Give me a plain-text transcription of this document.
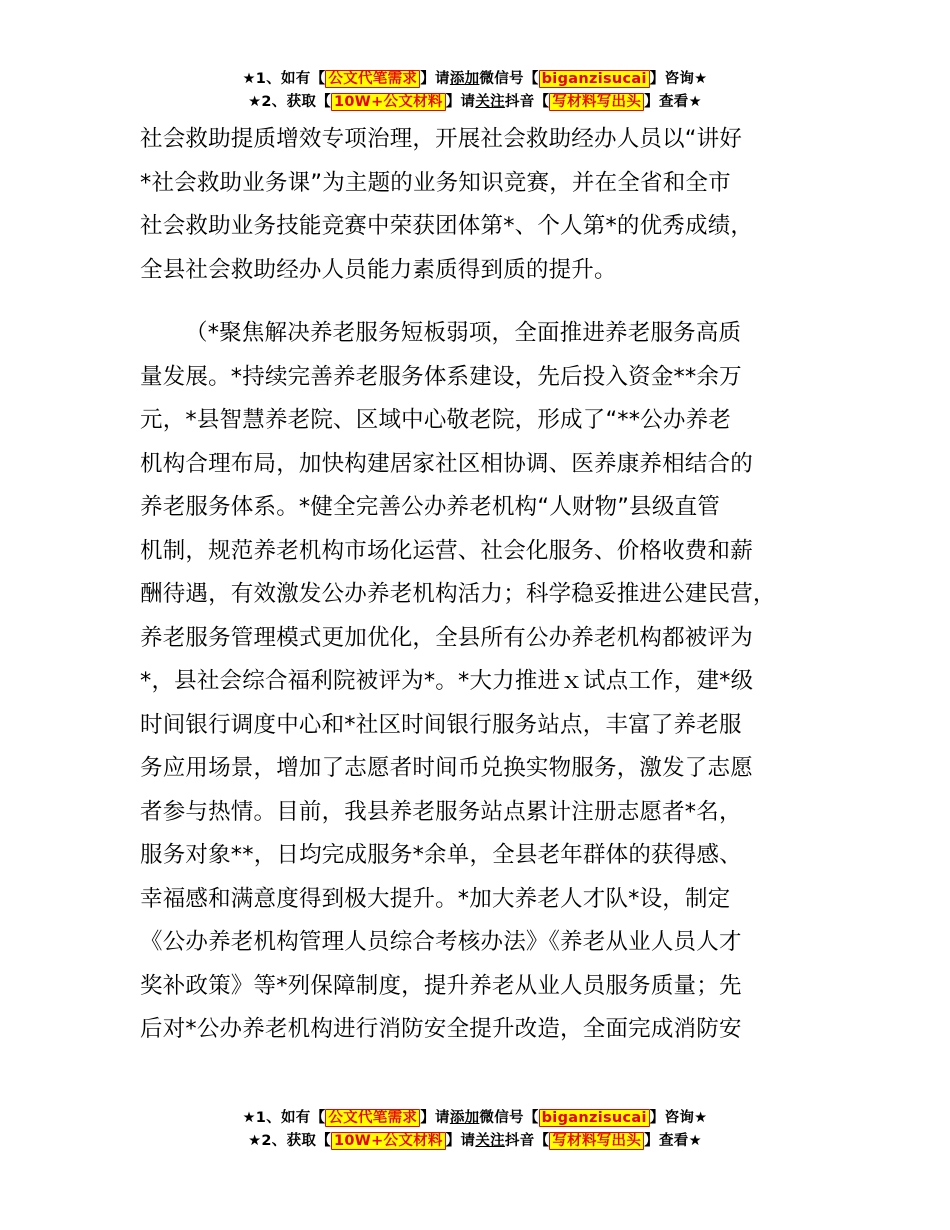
★1、如有【 公文代笔需求 】请添加微信号【 biganzisucai 】咨询★
★2、获取【 10W+公文材料 】请关注抖音【 写材料写出头 】查看★
社会救助提质增效专项治理，开展社会救助经办人员以“讲好
*社会救助业务课”为主题的业务知识竞赛，并在全省和全市
社会救助业务技能竞赛中荣获团体第*、个人第*的优秀成绩，
全县社会救助经办人员能力素质得到质的提升。
（*聚焦解决养老服务短板弱项，全面推进养老服务高质
量发展。*持续完善养老服务体系建设，先后投入资金**余万
元，*县智慧养老院、区域中心敬老院，形成了“**公办养老
机构合理布局，加快构建居家社区相协调、医养康养相结合的
养老服务体系。*健全完善公办养老机构“人财物”县级直管
机制，规范养老机构市场化运营、社会化服务、价格收费和薪
酬待遇，有效激发公办养老机构活力；科学稳妥推进公建民营，
养老服务管理模式更加优化，全县所有公办养老机构都被评为
*，县社会综合福利院被评为*。*大力推进ｘ试点工作，建*级
时间银行调度中心和*社区时间银行服务站点，丰富了养老服
务应用场景，增加了志愿者时间币兑换实物服务，激发了志愿
者参与热情。目前，我县养老服务站点累计注册志愿者*名，
服务对象**，日均完成服务*余单，全县老年群体的获得感、
幸福感和满意度得到极大提升。*加大养老人才队*设，制定
《公办养老机构管理人员综合考核办法》《养老从业人员人才
奖补政策》等*列保障制度，提升养老从业人员服务质量；先
后对*公办养老机构进行消防安全提升改造，全面完成消防安
★1、如有【 公文代笔需求 】请添加微信号【 biganzisucai 】咨询★
★2、获取【 10W+公文材料 】请关注抖音【 写材料写出头 】查看★
